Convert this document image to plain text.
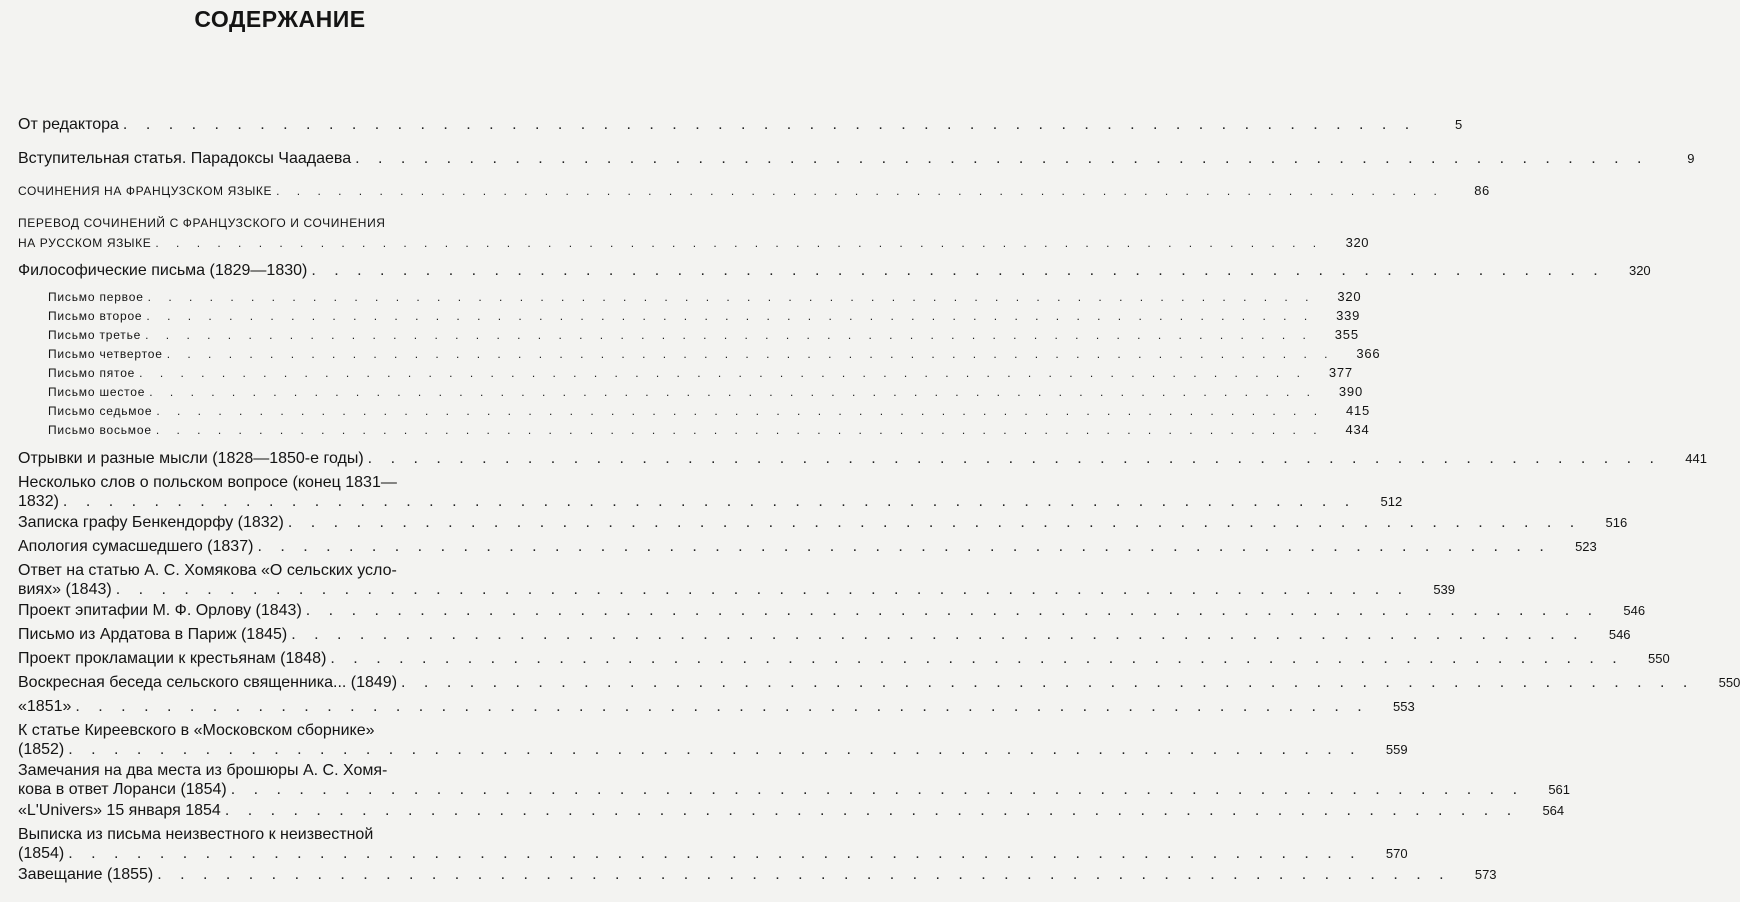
СОДЕРЖАНИЕ
От редактора . . .	5
Вступительная статья. Парадоксы Чаадаева . . .	9
СОЧИНЕНИЯ НА ФРАНЦУЗСКОМ ЯЗЫКЕ . . .	86
ПЕРЕВОД СОЧИНЕНИЙ С ФРАНЦУЗСКОГО И СОЧИНЕНИЯ
НА РУССКОМ ЯЗЫКЕ . . .	320
Философические письма (1829—1830) . . .	320
Письмо первое . . .	320
Письмо второе . . .	339
Письмо третье . . .	355
Письмо четвертое . . .	366
Письмо пятое . . .	377
Письмо шестое . . .	390
Письмо седьмое . . .	415
Письмо восьмое . . .	434
Отрывки и разные мысли (1828—1850-е годы) . . .	441
Несколько слов о польском вопросе (конец 1831—
1832) . . .	512
Записка графу Бенкендорфу (1832) . . .	516
Апология сумасшедшего (1837) . . .	523
Ответ на статью А. С. Хомякова «О сельских усло-
виях» (1843) . . .	539
Проект эпитафии М. Ф. Орлову (1843) . . .	546
Письмо из Ардатова в Париж (1845) . . .	546
Проект прокламации к крестьянам (1848) . . .	550
Воскресная беседа сельского священника... (1849) . . .	550
«1851» . . .	553
К статье Киреевского в «Московском сборнике»
(1852) . . .	559
Замечания на два места из брошюры А. С. Хомя-
кова в ответ Лоранси (1854) . . .	561
«L'Univers» 15 января 1854 . . .	564
Выписка из письма неизвестного к неизвестной
(1854) . . .	570
Завещание (1855) . . .	573
